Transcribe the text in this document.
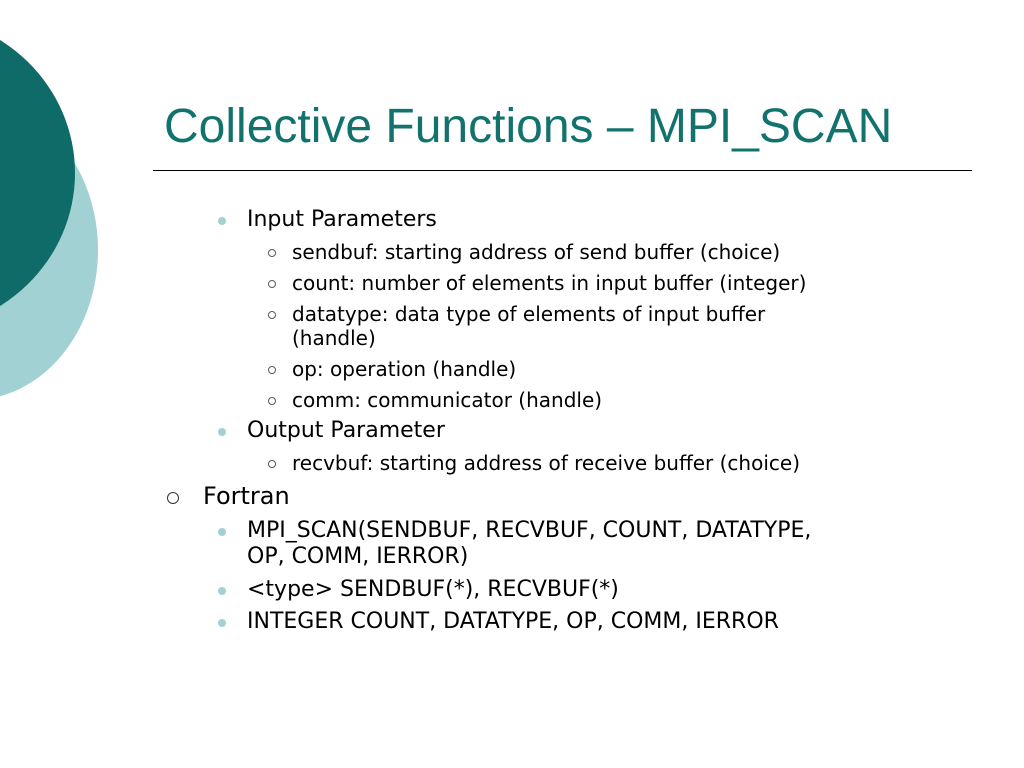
Collective Functions – MPI_SCAN
Input Parameters
sendbuf: starting address of send buffer (choice)
count: number of elements in input buffer (integer)
datatype: data type of elements of input buffer
(handle)
op: operation (handle)
comm: communicator (handle)
Output Parameter
recvbuf: starting address of receive buffer (choice)
Fortran
MPI_SCAN(SENDBUF, RECVBUF, COUNT, DATATYPE,
OP, COMM, IERROR)
<type> SENDBUF(*), RECVBUF(*)
INTEGER COUNT, DATATYPE, OP, COMM, IERROR
